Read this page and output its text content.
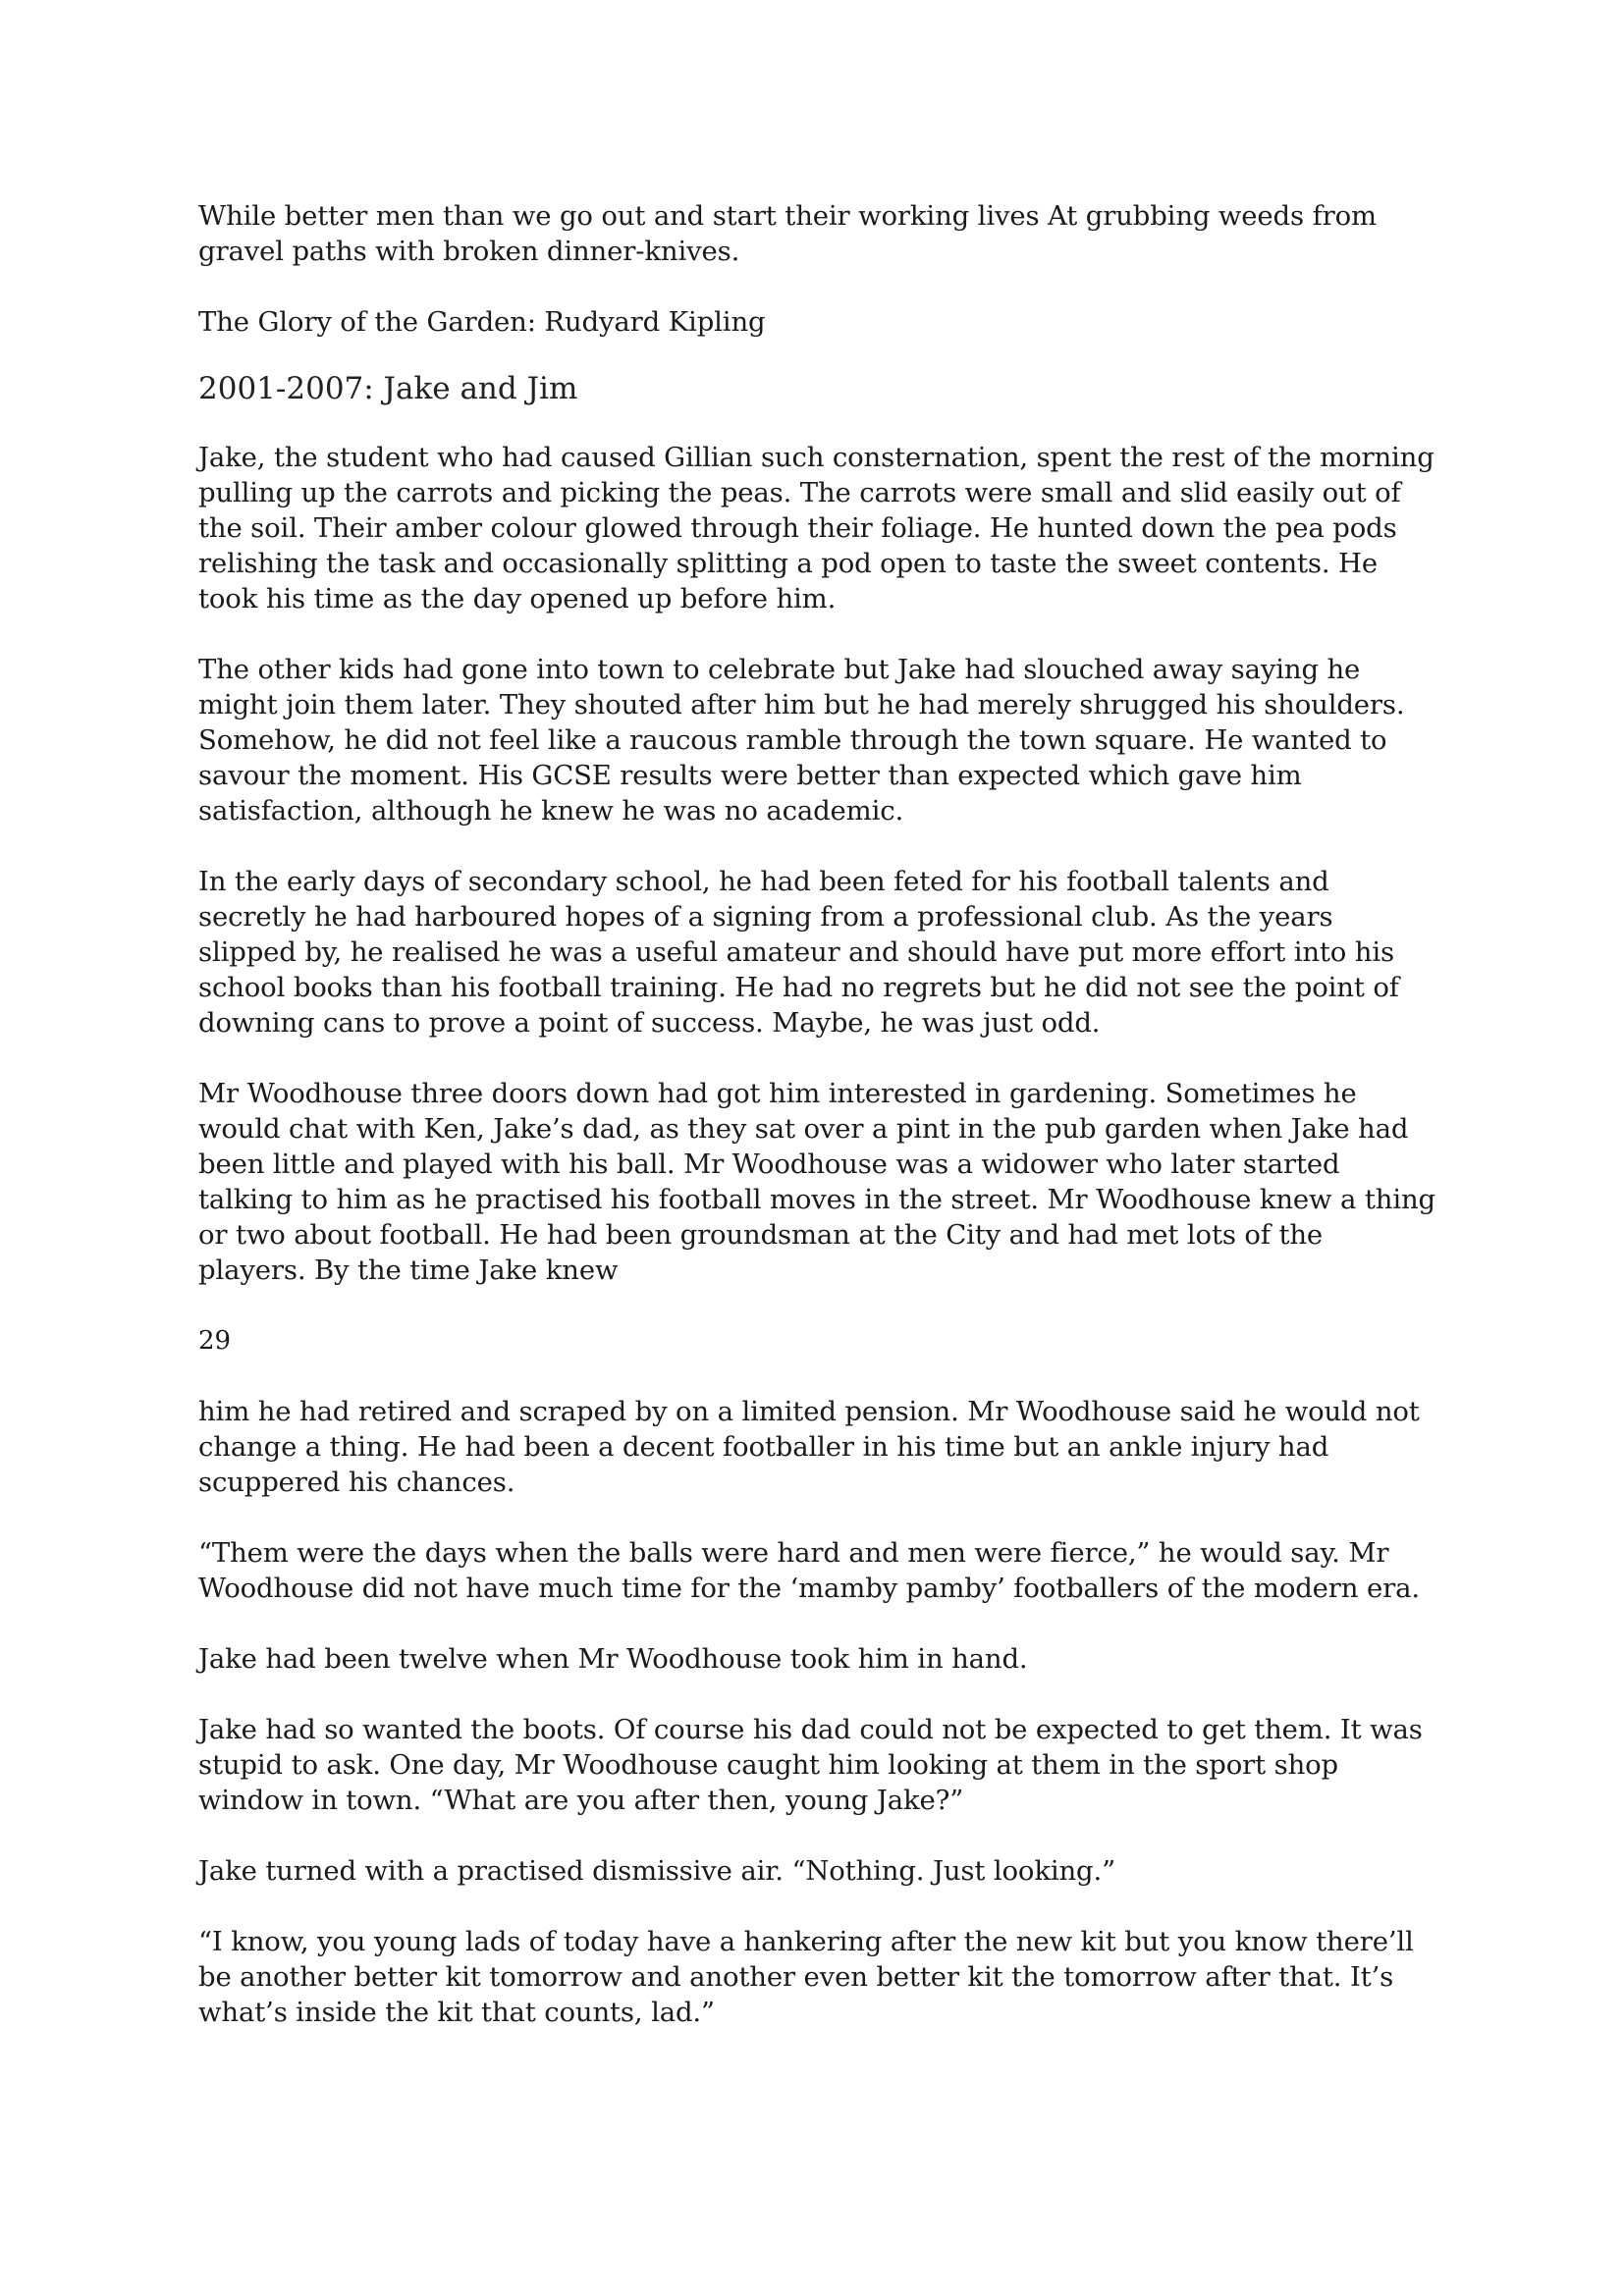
While better men than we go out and start their working lives At grubbing weeds from gravel paths with broken dinner-knives.

The Glory of the Garden: Rudyard Kipling

2001-2007: Jake and Jim

Jake, the student who had caused Gillian such consternation, spent the rest of the morning pulling up the carrots and picking the peas. The carrots were small and slid easily out of the soil. Their amber colour glowed through their foliage. He hunted down the pea pods relishing the task and occasionally splitting a pod open to taste the sweet contents. He took his time as the day opened up before him.

The other kids had gone into town to celebrate but Jake had slouched away saying he might join them later. They shouted after him but he had merely shrugged his shoulders. Somehow, he did not feel like a raucous ramble through the town square. He wanted to savour the moment. His GCSE results were better than expected which gave him satisfaction, although he knew he was no academic.

In the early days of secondary school, he had been feted for his football talents and secretly he had harboured hopes of a signing from a professional club. As the years slipped by, he realised he was a useful amateur and should have put more effort into his school books than his football training. He had no regrets but he did not see the point of downing cans to prove a point of success. Maybe, he was just odd.

Mr Woodhouse three doors down had got him interested in gardening. Sometimes he would chat with Ken, Jake’s dad, as they sat over a pint in the pub garden when Jake had been little and played with his ball. Mr Woodhouse was a widower who later started talking to him as he practised his football moves in the street. Mr Woodhouse knew a thing or two about football. He had been groundsman at the City and had met lots of the players. By the time Jake knew

29

him he had retired and scraped by on a limited pension. Mr Woodhouse said he would not change a thing. He had been a decent footballer in his time but an ankle injury had scuppered his chances.

“Them were the days when the balls were hard and men were fierce,” he would say. Mr Woodhouse did not have much time for the ‘mamby pamby’ footballers of the modern era.

Jake had been twelve when Mr Woodhouse took him in hand.

Jake had so wanted the boots. Of course his dad could not be expected to get them. It was stupid to ask. One day, Mr Woodhouse caught him looking at them in the sport shop window in town. “What are you after then, young Jake?”

Jake turned with a practised dismissive air. “Nothing. Just looking.”

“I know, you young lads of today have a hankering after the new kit but you know there’ll be another better kit tomorrow and another even better kit the tomorrow after that. It’s what’s inside the kit that counts, lad.”
